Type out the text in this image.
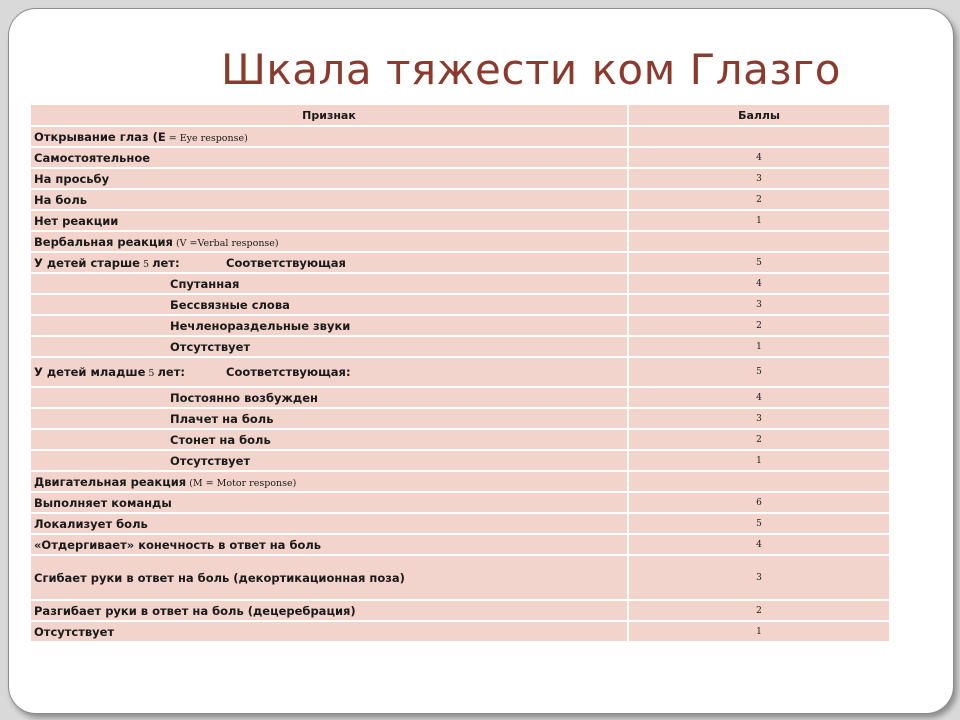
Шкала тяжести ком Глазго
Признак	Баллы
Открывание глаз (E = Eye response)	
Самостоятельное	4
На просьбу	3
На боль	2
Нет реакции	1
Вербальная реакция (V =Verbal response)	
У детей старше 5 лет: Соответствующая	5
Спутанная	4
Бессвязные слова	3
Нечленораздельные звуки	2
Отсутствует	1
У детей младше 5 лет: Соответствующая:	5
Постоянно возбужден	4
Плачет на боль	3
Стонет на боль	2
Отсутствует	1
Двигательная реакция (M = Motor response)	
Выполняет команды	6
Локализует боль	5
«Отдергивает» конечность в ответ на боль	4
Сгибает руки в ответ на боль (декортикационная поза)	3
Разгибает руки в ответ на боль (децеребрация)	2
Отсутствует	1
